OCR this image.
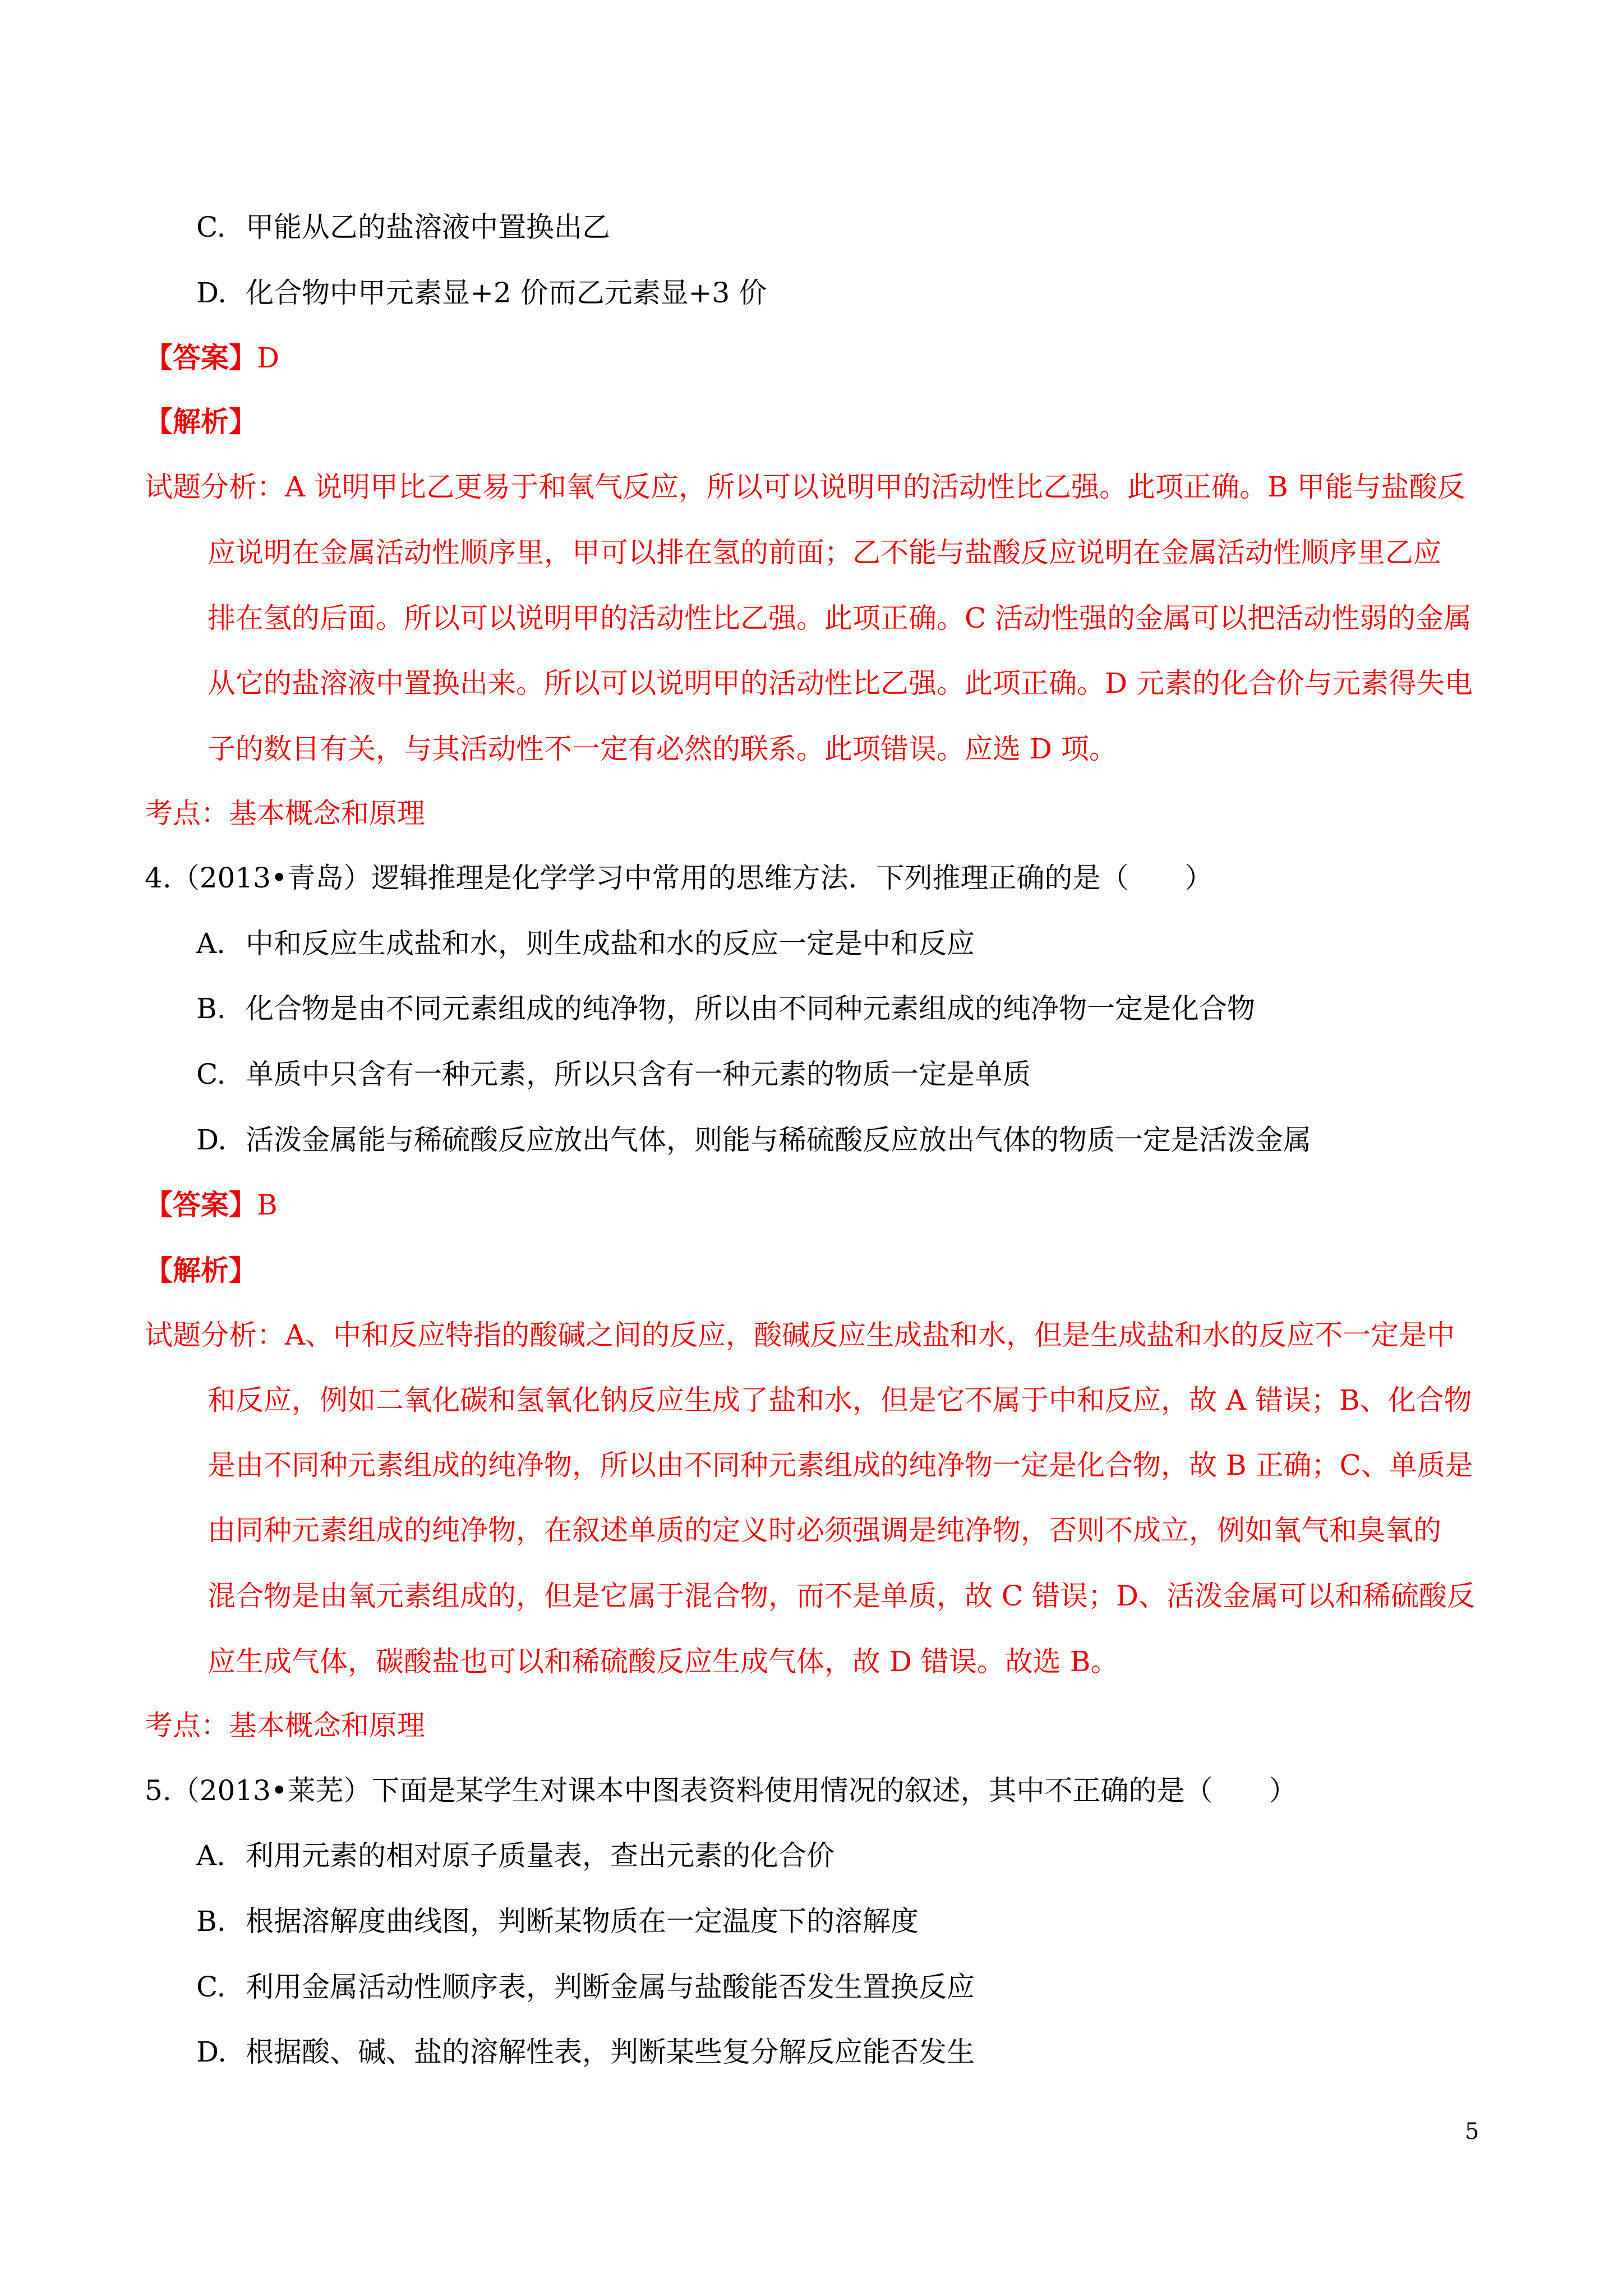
C. 甲能从乙的盐溶液中置换出乙
D. 化合物中甲元素显+2 价而乙元素显+3 价
【答案】D
【解析】
试题分析：A 说明甲比乙更易于和氧气反应，所以可以说明甲的活动性比乙强。此项正确。B 甲能与盐酸反
应说明在金属活动性顺序里，甲可以排在氢的前面；乙不能与盐酸反应说明在金属活动性顺序里乙应
排在氢的后面。所以可以说明甲的活动性比乙强。此项正确。C 活动性强的金属可以把活动性弱的金属
从它的盐溶液中置换出来。所以可以说明甲的活动性比乙强。此项正确。D 元素的化合价与元素得失电
子的数目有关，与其活动性不一定有必然的联系。此项错误。应选 D 项。
考点：基本概念和原理
4.（2013•青岛）逻辑推理是化学学习中常用的思维方法．下列推理正确的是（　　）
A. 中和反应生成盐和水，则生成盐和水的反应一定是中和反应
B. 化合物是由不同元素组成的纯净物，所以由不同种元素组成的纯净物一定是化合物
C. 单质中只含有一种元素，所以只含有一种元素的物质一定是单质
D. 活泼金属能与稀硫酸反应放出气体，则能与稀硫酸反应放出气体的物质一定是活泼金属
【答案】B
【解析】
试题分析：A、中和反应特指的酸碱之间的反应，酸碱反应生成盐和水，但是生成盐和水的反应不一定是中
和反应，例如二氧化碳和氢氧化钠反应生成了盐和水，但是它不属于中和反应，故 A 错误；B、化合物
是由不同种元素组成的纯净物，所以由不同种元素组成的纯净物一定是化合物，故 B 正确；C、单质是
由同种元素组成的纯净物，在叙述单质的定义时必须强调是纯净物，否则不成立，例如氧气和臭氧的
混合物是由氧元素组成的，但是它属于混合物，而不是单质，故 C 错误；D、活泼金属可以和稀硫酸反
应生成气体，碳酸盐也可以和稀硫酸反应生成气体，故 D 错误。故选 B。
考点：基本概念和原理
5.（2013•莱芜）下面是某学生对课本中图表资料使用情况的叙述，其中不正确的是（　　）
A. 利用元素的相对原子质量表，查出元素的化合价
B. 根据溶解度曲线图，判断某物质在一定温度下的溶解度
C. 利用金属活动性顺序表，判断金属与盐酸能否发生置换反应
D. 根据酸、碱、盐的溶解性表，判断某些复分解反应能否发生
5
